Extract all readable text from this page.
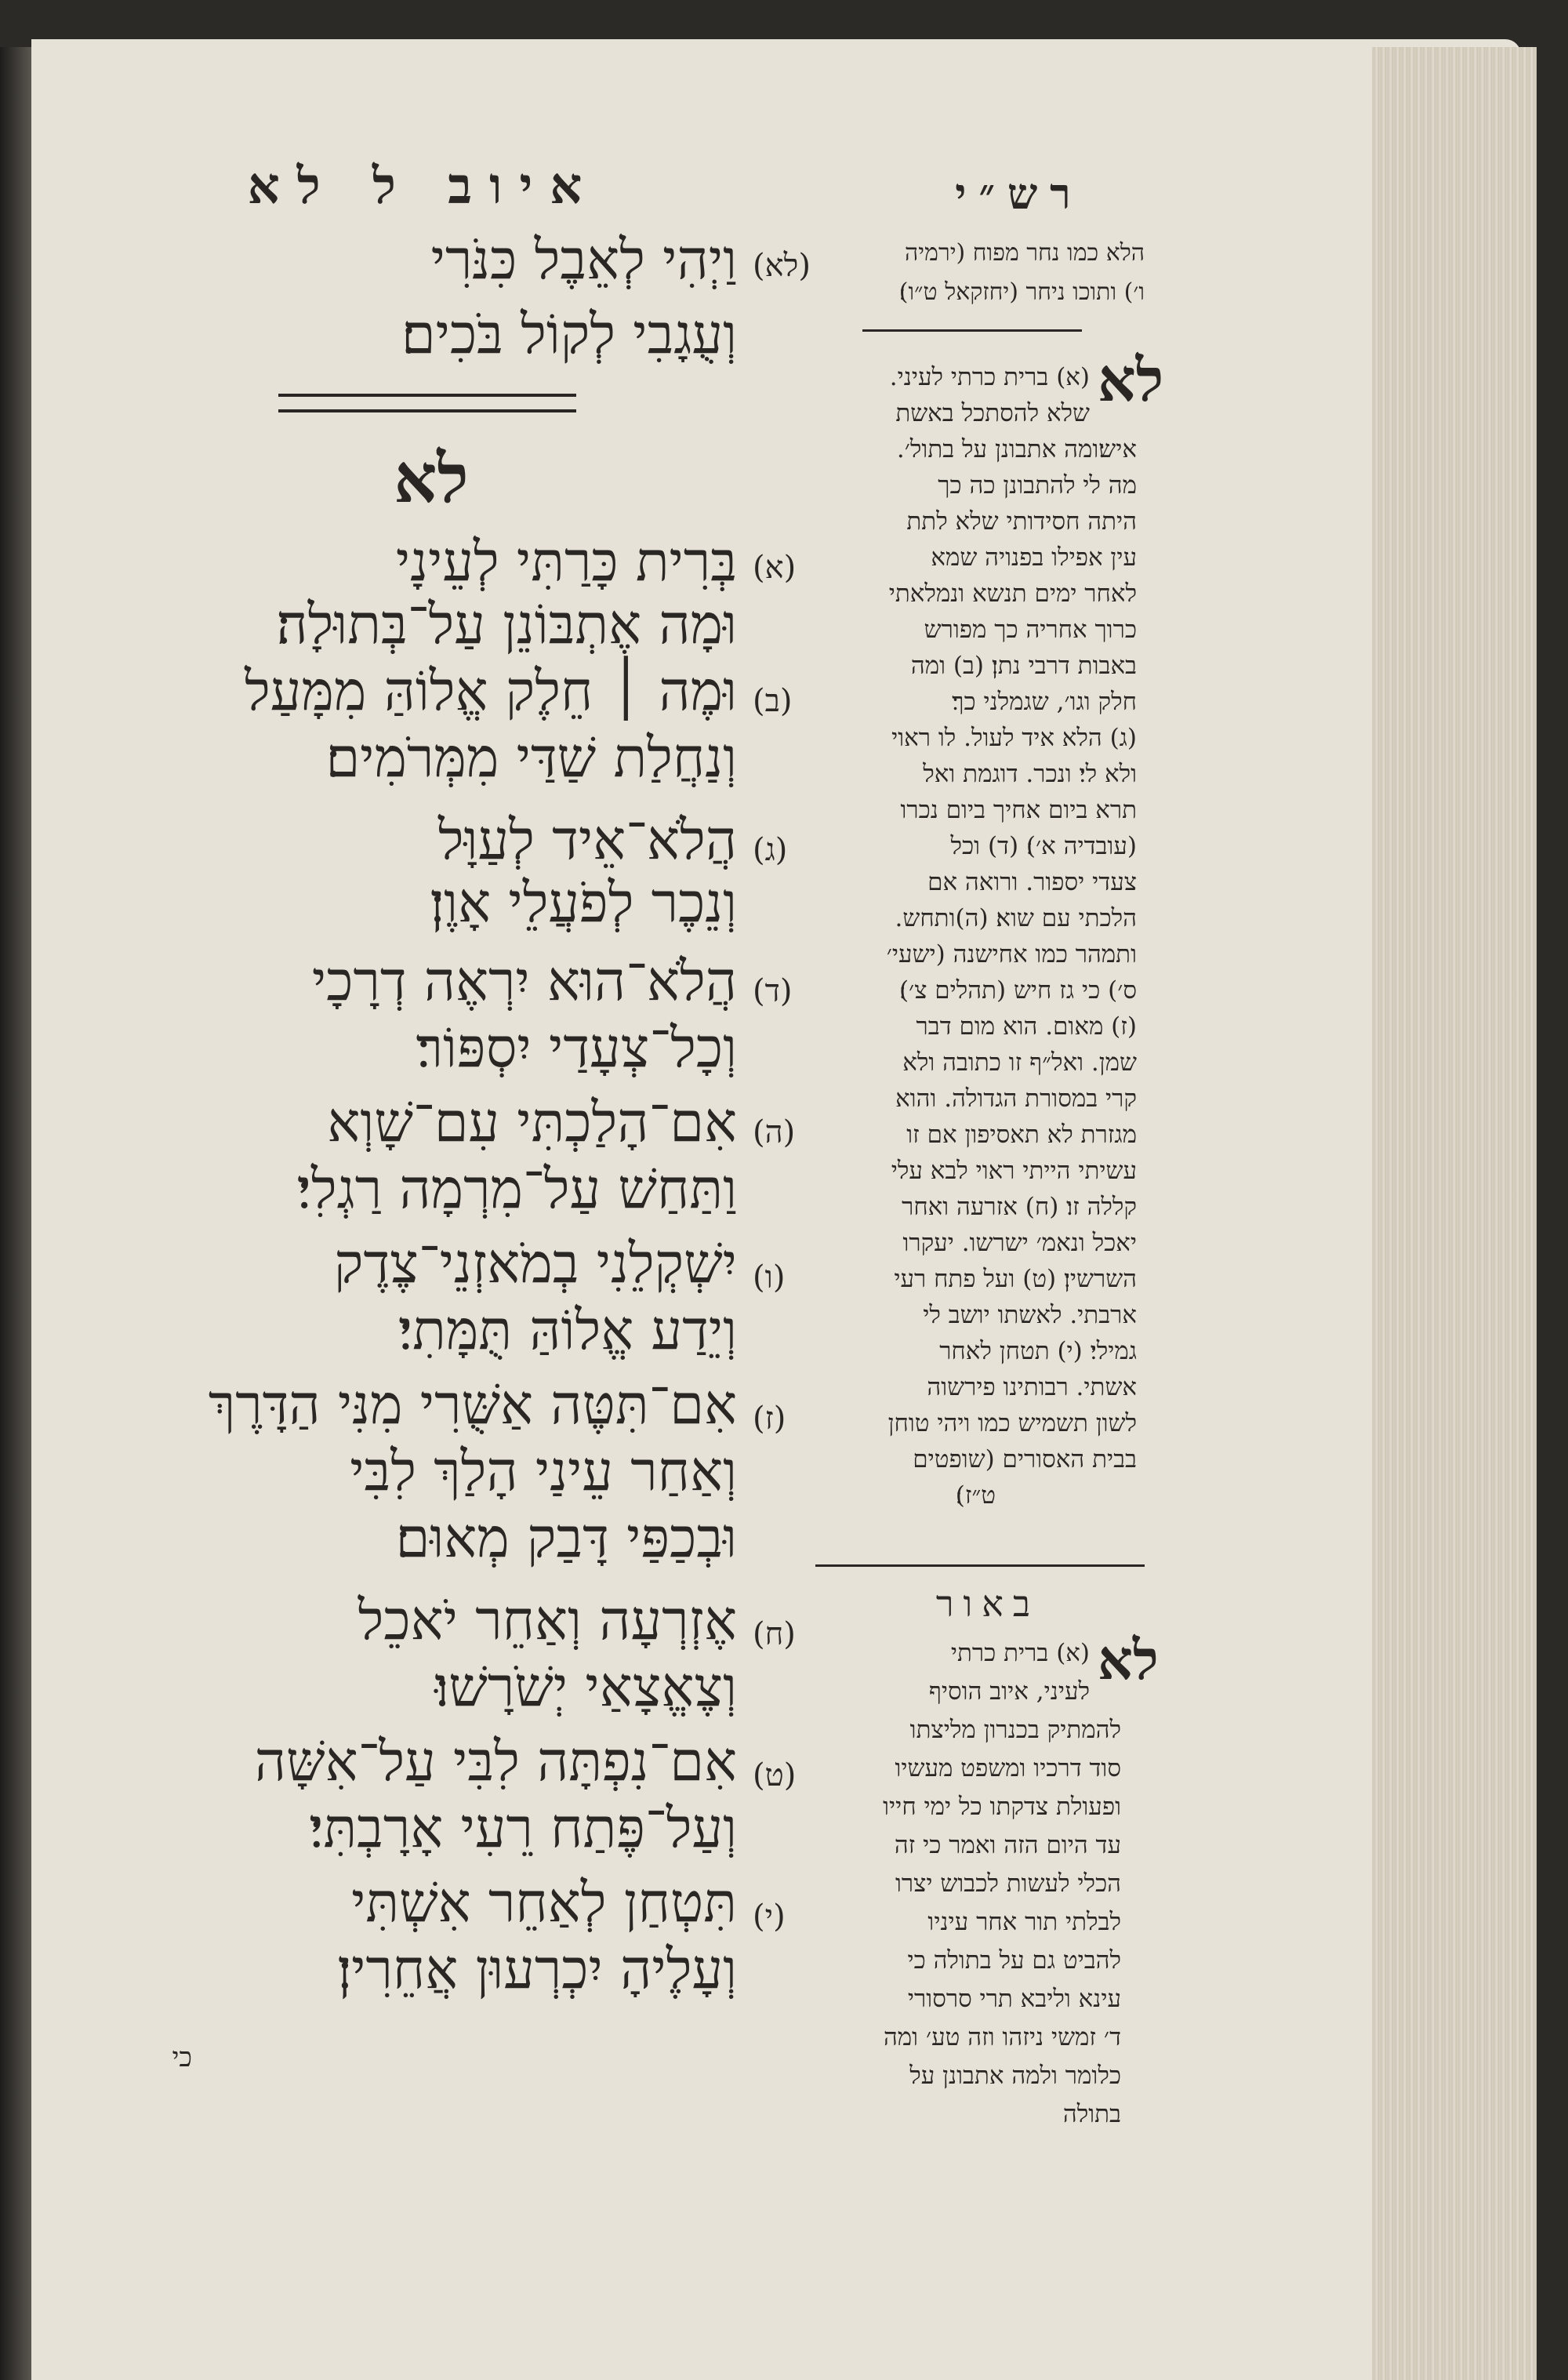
איוב ל לא	רש״י
(לא)
וַיְהִי לְאֵבֶל כִּנֹּרִי
וְעֻגָבִי לְקוֹל בֹּכִים׃
לא
(א)
בְּרִית כָּרַתִּי לְעֵינָי
וּמָה אֶתְבּוֹנֵן עַל־בְּתוּלָה׃
(ב)
וּמֶה ׀ חֵלֶק אֱלוֹהַּ מִמָּעַל
וְנַחֲלַת שַׁדַּי מִמְּרֹמִים׃
(ג)
הֲלֹא־אֵיד לְעַוָּל
וְנֵכֶר לְפֹעֲלֵי אָוֶן׃
(ד)
הֲלֹא־הוּא יִרְאֶה דְרָכָי
וְכָל־צְעָדַי יִסְפּוֹר׃
(ה)
אִם־הָלַכְתִּי עִם־שָׁוְא
וַתַּחַשׁ עַל־מִרְמָה רַגְלִי׃
(ו)
יִשְׁקְלֵנִי בְמֹאזְנֵי־צֶדֶק
וְיֵדַע אֱלוֹהַּ תֻּמָּתִי׃
(ז)
אִם־תִּטֶּה אַשֻּׁרִי מִנִּי הַדָּרֶךְ
וְאַחַר עֵינַי הָלַךְ לִבִּי
וּבְכַפַּי דָּבַק מְאוּם׃
(ח)
אֶזְרְעָה וְאַחֵר יֹאכֵל
וְצֶאֱצָאַי יְשֹׁרָשׁוּ׃
(ט)
אִם־נִפְתָּה לִבִּי עַל־אִשָּׁה
וְעַל־פֶּתַח רֵעִי אָרָבְתִּי׃
(י)
תִּטְחַן לְאַחֵר אִשְׁתִּי
וְעָלֶיהָ יִכְרְעוּן אֲחֵרִין׃
כי
הלא כמו נחר מפוח (ירמיה
ו׳) ותוכו ניחר (יחזקאל ט״ו)׃
לא
(א) ברית כרתי לעיני.
שלא להסתכל באשת
איש׃ומה אתבונן על בתול׳.
מה לי להתבונן כה כך
היתה חסידותי שלא לתת
עין אפילו בפנויה שמא
לאחר ימים תנשא ונמלאתי
כרוך אחריה כך מפורש
באבות דרבי נתן׃ (ב) ומה
חלק וגו׳, שגמלני כך׃
(ג) הלא איד לעול. לו ראוי
ולא לי׃ ונכר. דוגמת ואל
תרא ביום אחיך ביום נכרו
(עובדיה א׳)׃ (ד) וכל
צעדי יספור. ורואה אם
הלכתי עם שוא׃ (ה)ותחש.
ותמהר כמו אחישנה (ישעי׳
ס׳) כי גז חיש (תהלים צ׳)׃
(ז) מאום. הוא מום דבר
שמן. ואל״ף זו כתובה ולא
קרי במסורת הגדולה. והוא
מגזרת לא תאסיפון אם זו
עשיתי הייתי ראוי לבא עלי
קללה זו׃ (ח) אזרעה ואחר
יאכל ונאמ׳ ישרשו. יעקרו
השרשין׃ (ט) ועל פתח רעי
ארבתי. לאשתו יושב לי
גמילי׃ (י) תטחן לאחר
אשתי. רבותינו פירשוה
לשון תשמיש כמו ויהי טוחן
בבית האסורים (שופטים
ט״ז)׃
באור
לא
(א) ברית כרתי
לעיני, איוב הוסיף
להמתיק בכנרון מליצתו
סוד דרכיו ומשפט מעשיו
ופעולת צדקתו כל ימי חייו
עד היום הזה ואמר כי זה
הכלי לעשות לכבוש יצרו
לבלתי תור אחר עיניו
להביט גם על בתולה כי
עינא וליבא תרי סרסורי
ד׳ זמשי ניזהו וזה טע׳ ומה
כלומר ולמה אתבונן על
בתולה
